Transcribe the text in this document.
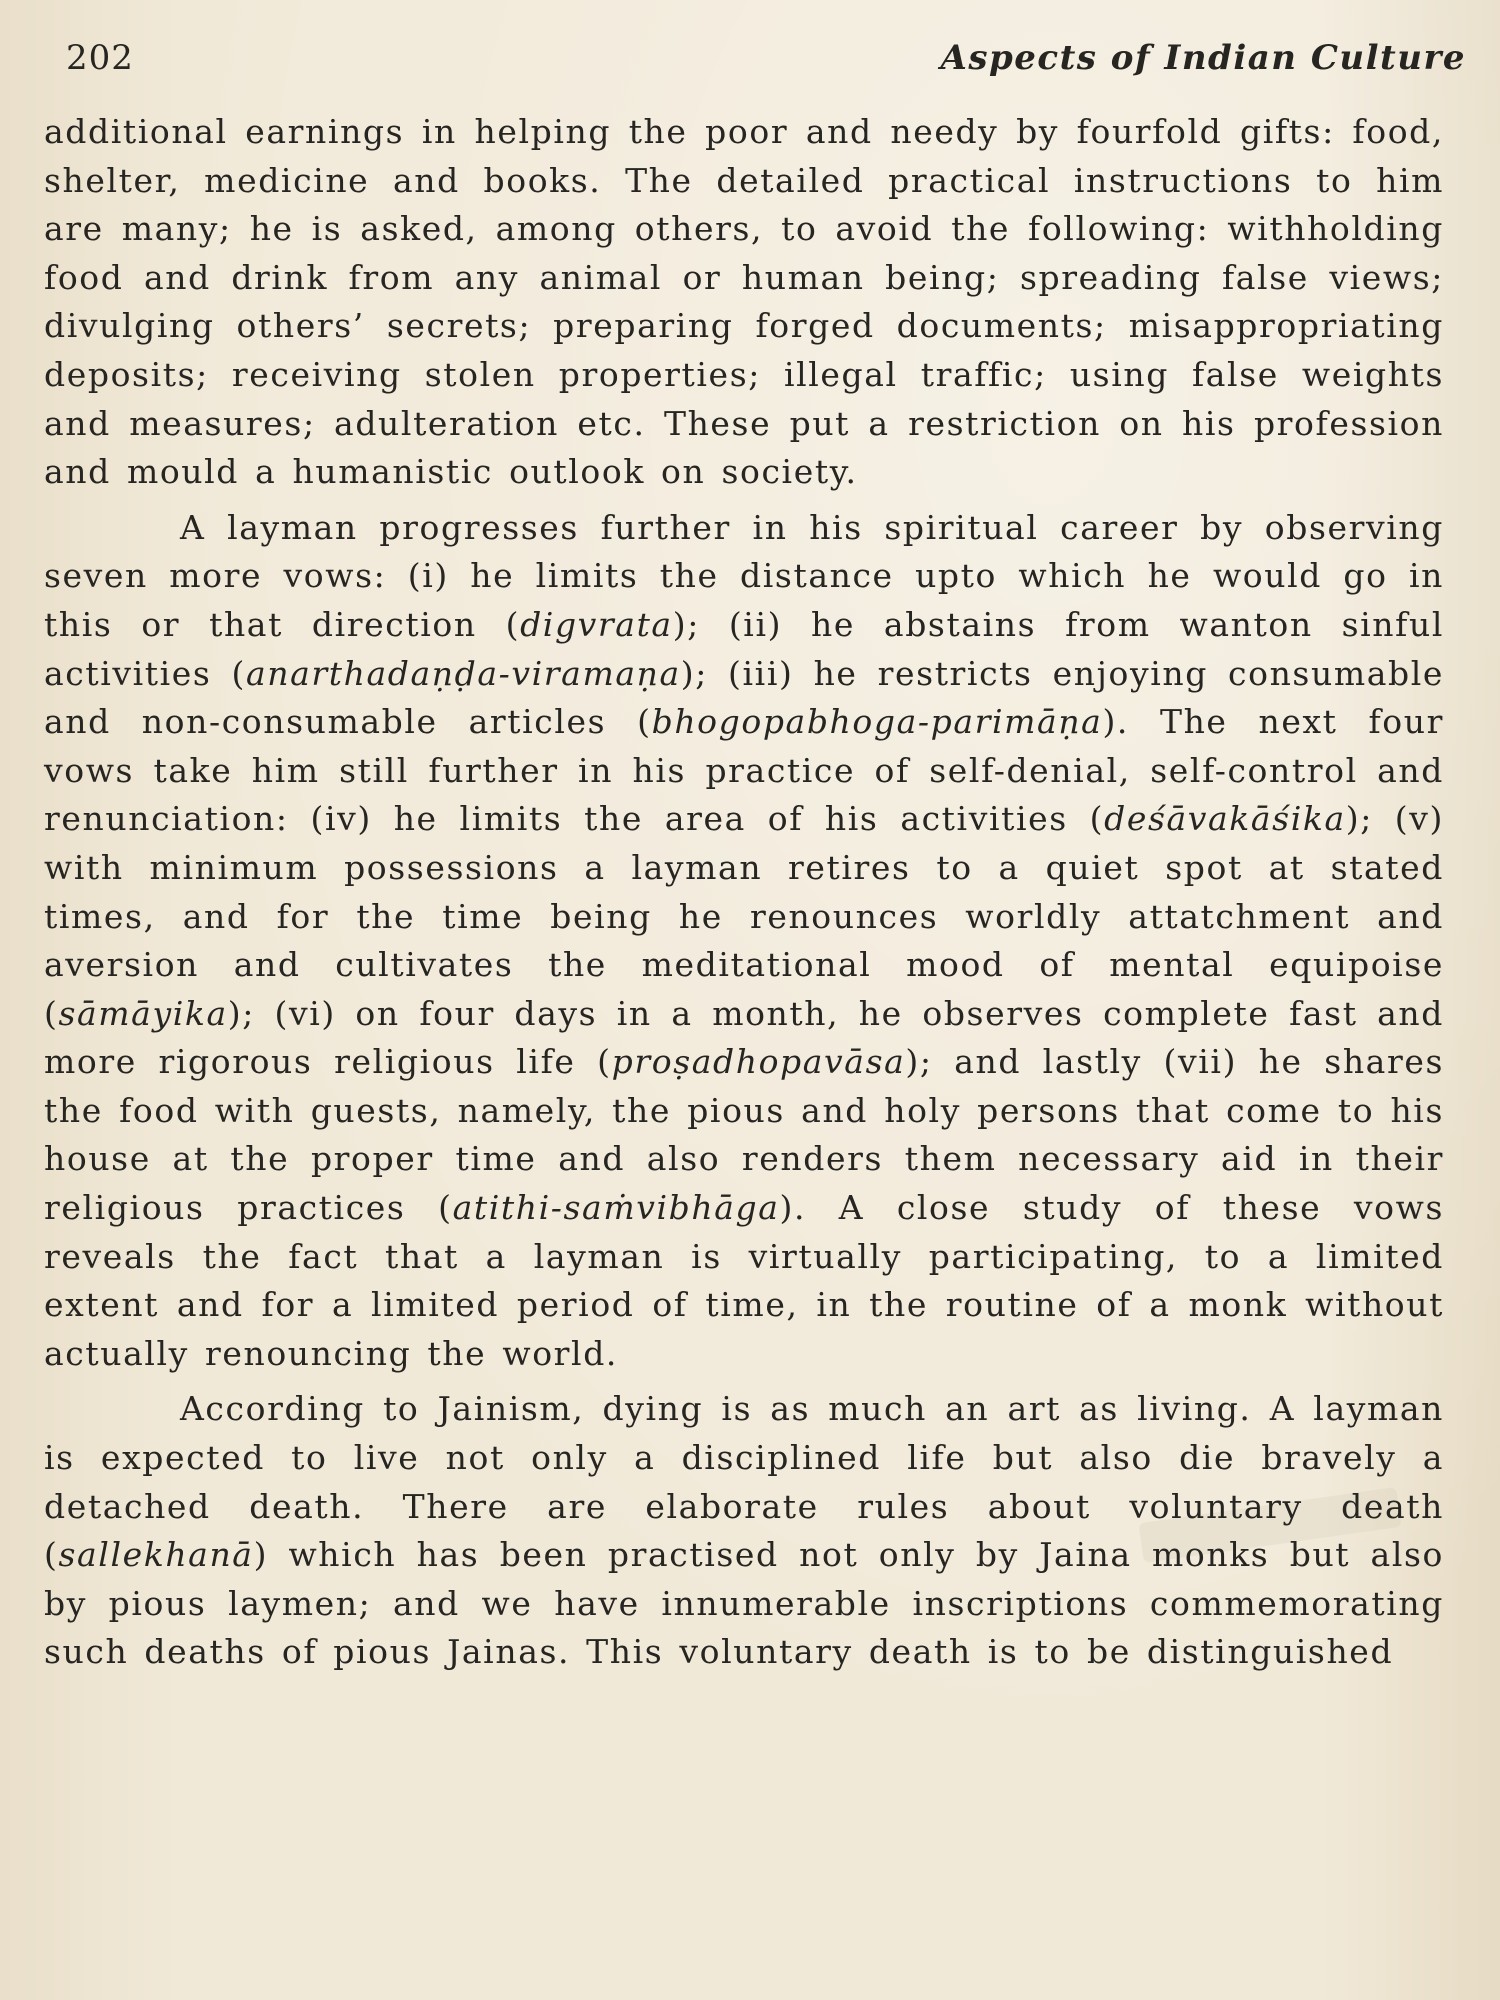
202	Aspects of Indian Culture

additional earnings in helping the poor and needy by fourfold gifts: food, shelter, medicine and books. The detailed practical instructions to him are many; he is asked, among others, to avoid the following: withholding food and drink from any animal or human being; spreading false views; divulging others’ secrets; preparing forged documents; misappropriating deposits; receiving stolen properties; illegal traffic; using false weights and measures; adulteration etc. These put a restriction on his profession and mould a humanistic outlook on society.

A layman progresses further in his spiritual career by observing seven more vows: (i) he limits the distance upto which he would go in this or that direction (digvrata); (ii) he abstains from wanton sinful activities (anarthadaṇḍa-viramaṇa); (iii) he restricts enjoying consumable and non-consumable articles (bhogopabhoga-parimāṇa). The next four vows take him still further in his practice of self-denial, self-control and renunciation: (iv) he limits the area of his activities (deśāvakāśika); (v) with minimum possessions a layman retires to a quiet spot at stated times, and for the time being he renounces worldly attatchment and aversion and cultivates the meditational mood of mental equipoise (sāmāyika); (vi) on four days in a month, he observes complete fast and more rigorous religious life (proṣadhopavāsa); and lastly (vii) he shares the food with guests, namely, the pious and holy persons that come to his house at the proper time and also renders them necessary aid in their religious practices (atithi-saṁvibhāga). A close study of these vows reveals the fact that a layman is virtually participating, to a limited extent and for a limited period of time, in the routine of a monk without actually renouncing the world.

According to Jainism, dying is as much an art as living. A layman is expected to live not only a disciplined life but also die bravely a detached death. There are elaborate rules about voluntary death (sallekhanā) which has been practised not only by Jaina monks but also by pious laymen; and we have innumerable inscriptions commemorating such deaths of pious Jainas. This voluntary death is to be distinguished
